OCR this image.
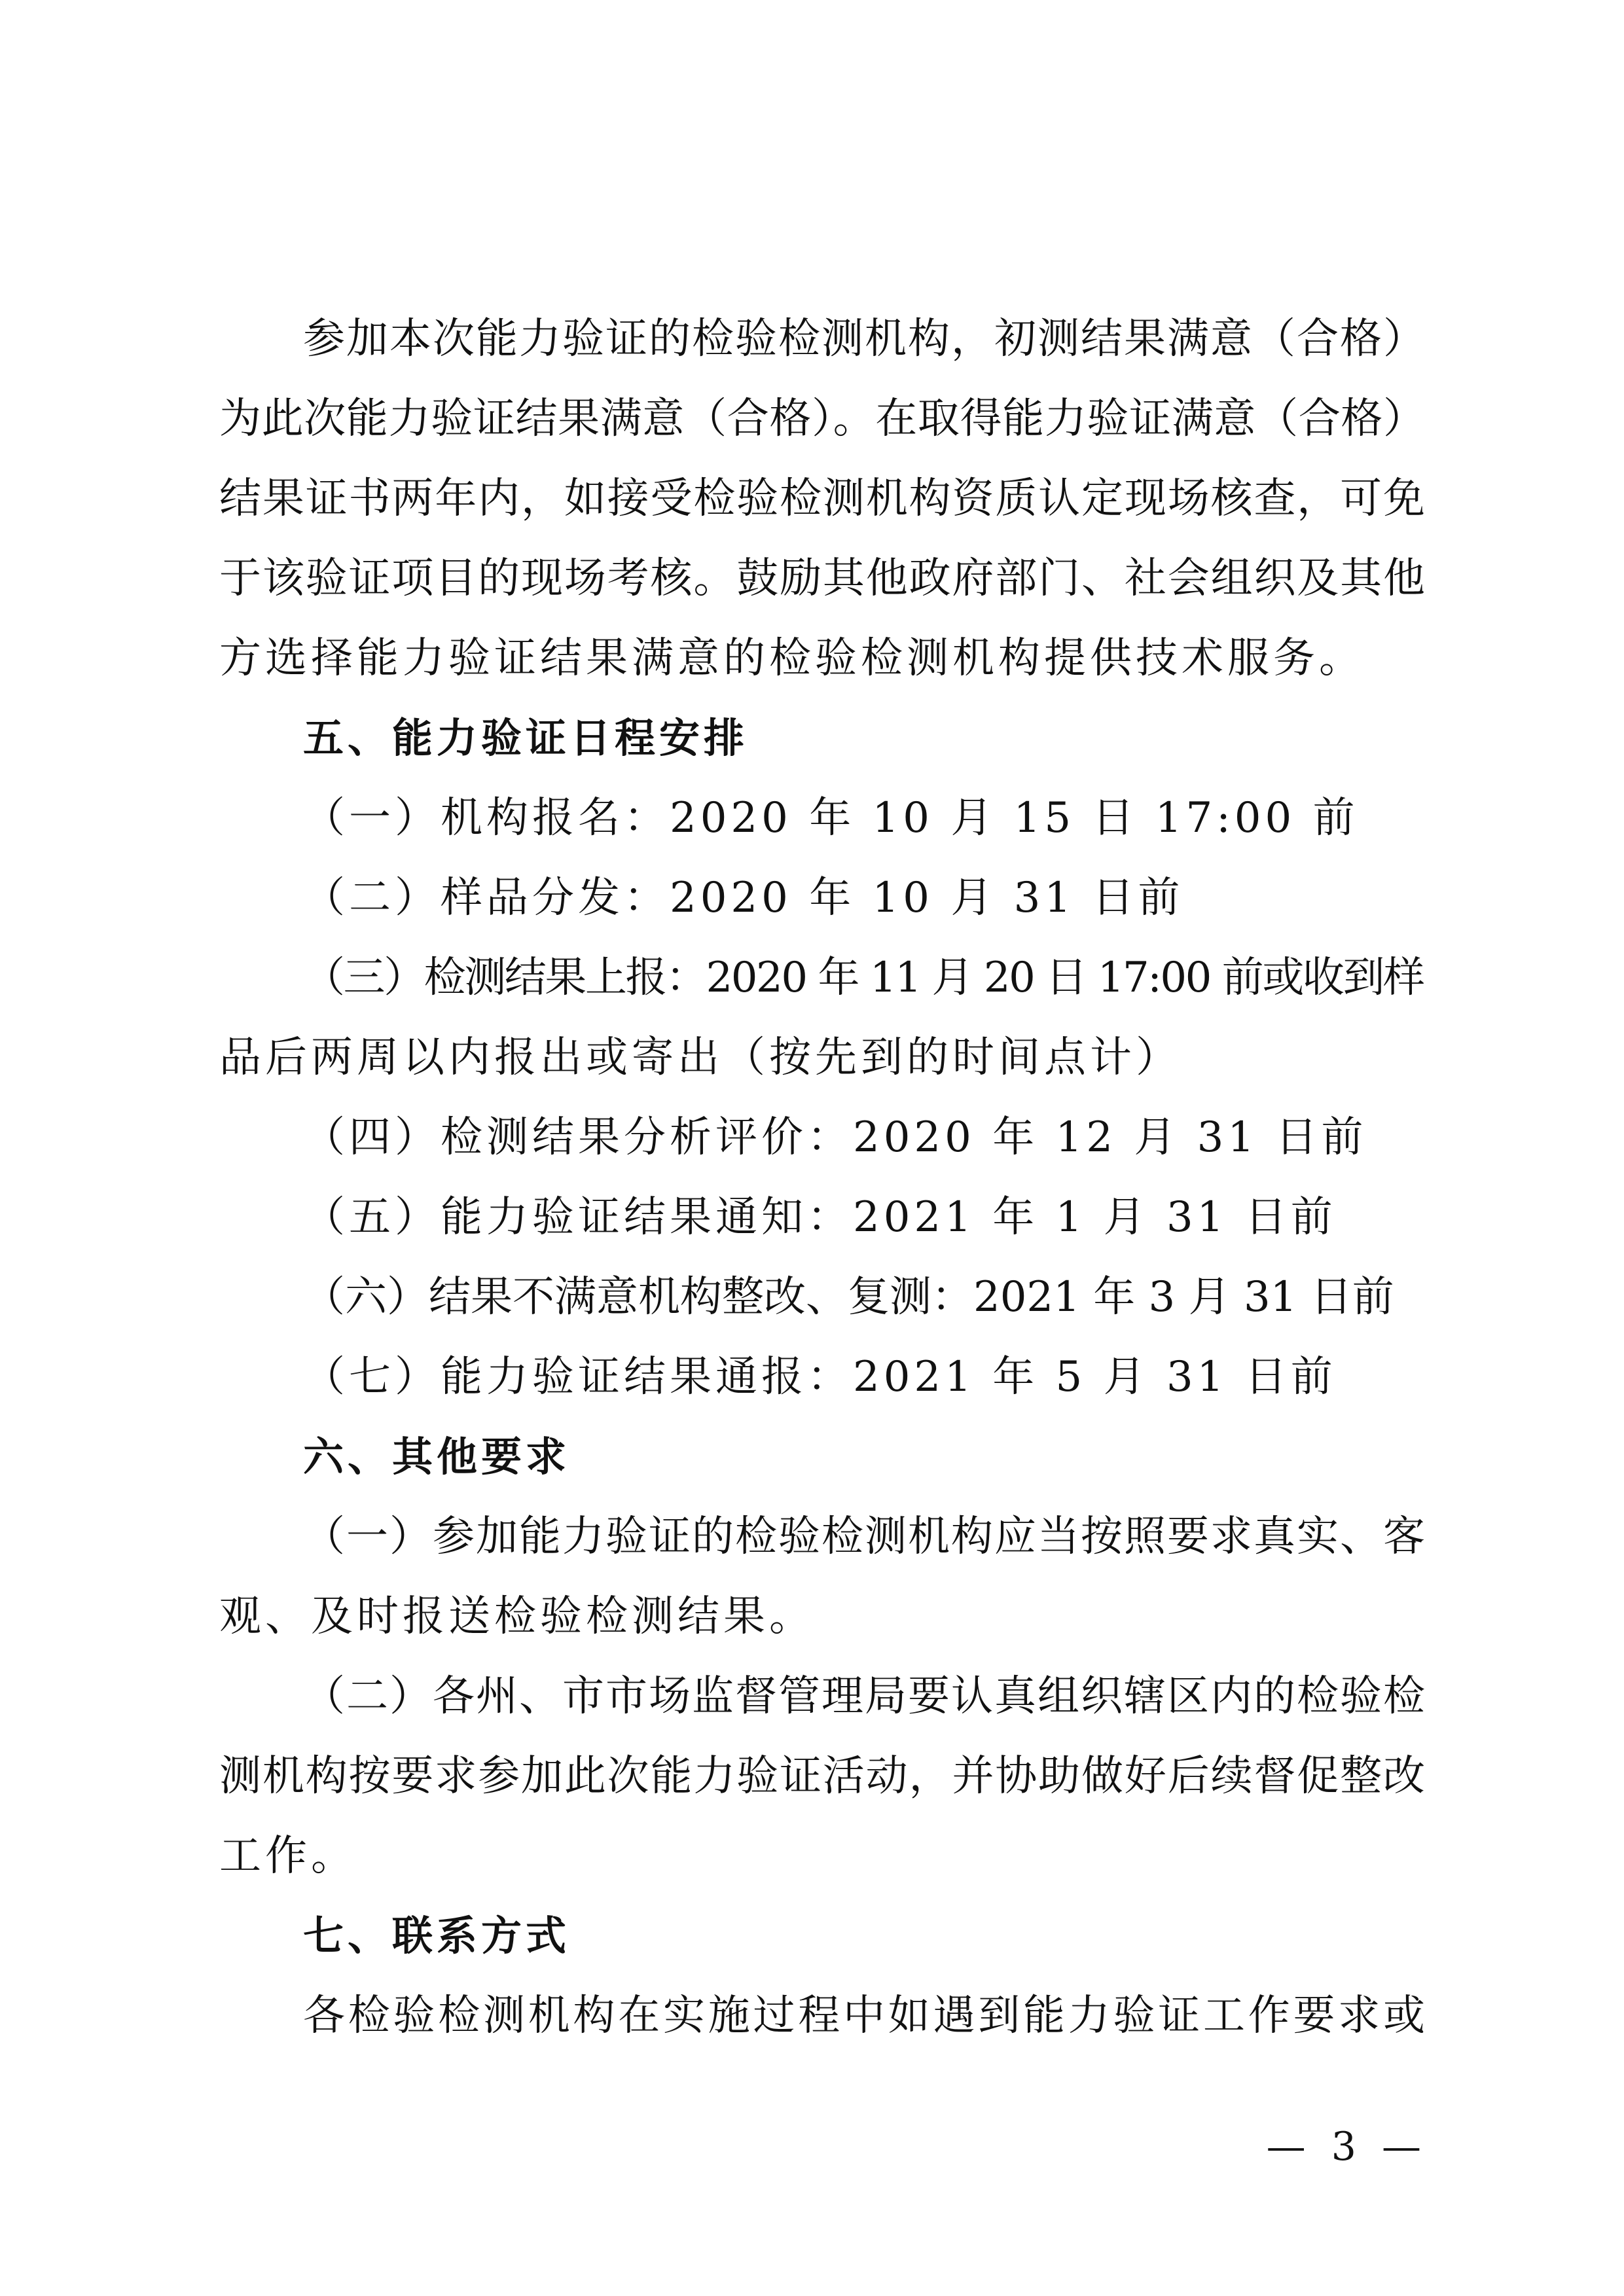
参加本次能力验证的检验检测机构，初测结果满意（合格）
为此次能力验证结果满意（合格）。在取得能力验证满意（合格）
结果证书两年内，如接受检验检测机构资质认定现场核查，可免
于该验证项目的现场考核。鼓励其他政府部门、社会组织及其他
方选择能力验证结果满意的检验检测机构提供技术服务。
五、能力验证日程安排
（一）机构报名：2020 年 10 月 15 日 17:00 前
（二）样品分发：2020 年 10 月 31 日前
（三）检测结果上报：2020 年 11 月 20 日 17:00 前或收到样
品后两周以内报出或寄出（按先到的时间点计）
（四）检测结果分析评价：2020 年 12 月 31 日前
（五）能力验证结果通知：2021 年 1 月 31 日前
（六）结果不满意机构整改、复测：2021 年 3 月 31 日前
（七）能力验证结果通报：2021 年 5 月 31 日前
六、其他要求
（一）参加能力验证的检验检测机构应当按照要求真实、客
观、及时报送检验检测结果。
（二）各州、市市场监督管理局要认真组织辖区内的检验检
测机构按要求参加此次能力验证活动，并协助做好后续督促整改
工作。
七、联系方式
各检验检测机构在实施过程中如遇到能力验证工作要求或
— 3 —
